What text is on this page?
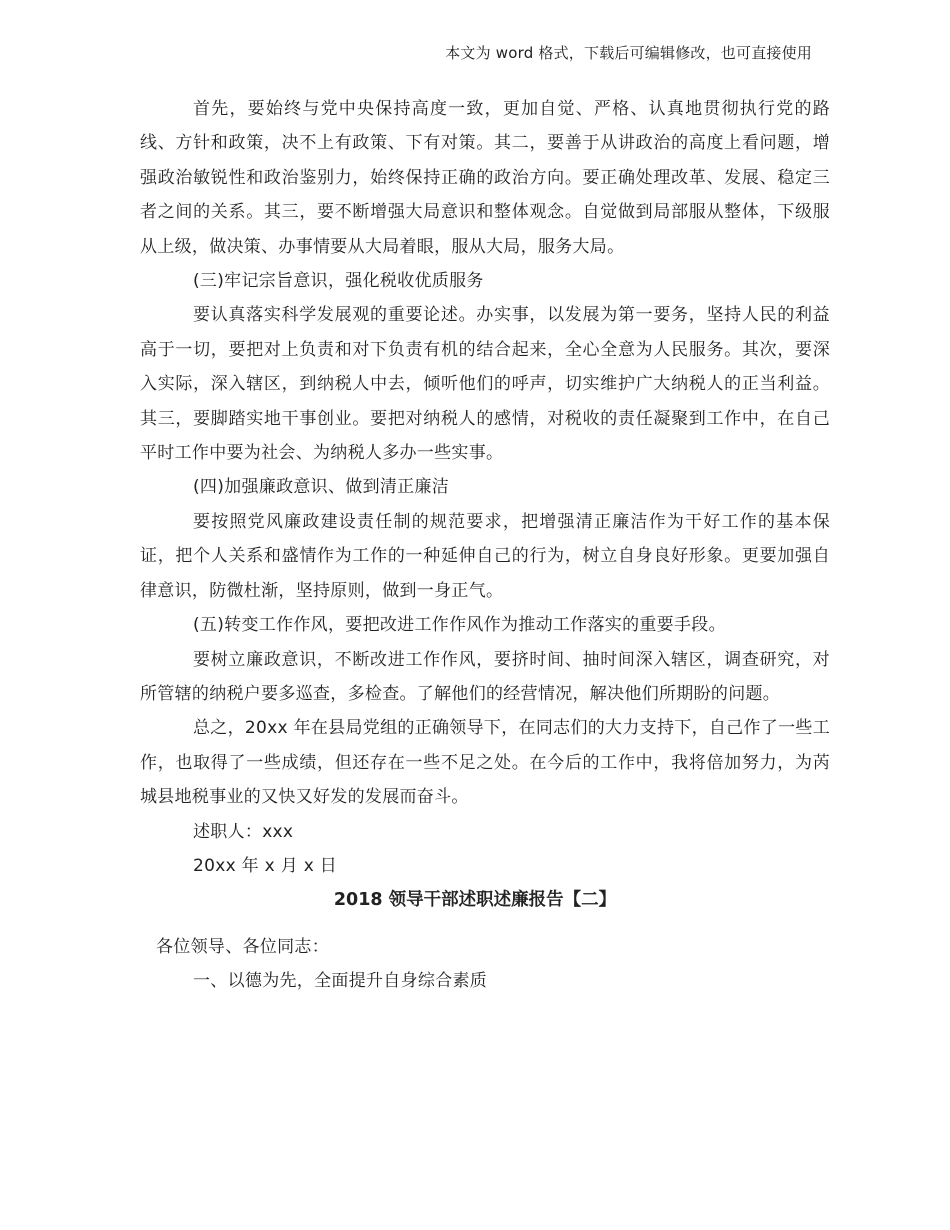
本文为 word 格式，下载后可编辑修改，也可直接使用

首先，要始终与党中央保持高度一致，更加自觉、严格、认真地贯彻执行党的路线、方针和政策，决不上有政策、下有对策。其二，要善于从讲政治的高度上看问题，增强政治敏锐性和政治鉴别力，始终保持正确的政治方向。要正确处理改革、发展、稳定三者之间的关系。其三，要不断增强大局意识和整体观念。自觉做到局部服从整体，下级服从上级，做决策、办事情要从大局着眼，服从大局，服务大局。

(三)牢记宗旨意识，强化税收优质服务

要认真落实科学发展观的重要论述。办实事，以发展为第一要务，坚持人民的利益高于一切，要把对上负责和对下负责有机的结合起来，全心全意为人民服务。其次，要深入实际，深入辖区，到纳税人中去，倾听他们的呼声，切实维护广大纳税人的正当利益。其三，要脚踏实地干事创业。要把对纳税人的感情，对税收的责任凝聚到工作中，在自己平时工作中要为社会、为纳税人多办一些实事。

(四)加强廉政意识、做到清正廉洁

要按照党风廉政建设责任制的规范要求，把增强清正廉洁作为干好工作的基本保证，把个人关系和盛情作为工作的一种延伸自己的行为，树立自身良好形象。更要加强自律意识，防微杜渐，坚持原则，做到一身正气。

(五)转变工作作风，要把改进工作作风作为推动工作落实的重要手段。

要树立廉政意识，不断改进工作作风，要挤时间、抽时间深入辖区，调查研究，对所管辖的纳税户要多巡查，多检查。了解他们的经营情况，解决他们所期盼的问题。

总之，20xx 年在县局党组的正确领导下，在同志们的大力支持下，自己作了一些工作，也取得了一些成绩，但还存在一些不足之处。在今后的工作中，我将倍加努力，为芮城县地税事业的又快又好发的发展而奋斗。

述职人：xxx

20xx 年 x 月 x 日

2018 领导干部述职述廉报告【二】

各位领导、各位同志：

一、以德为先，全面提升自身综合素质
